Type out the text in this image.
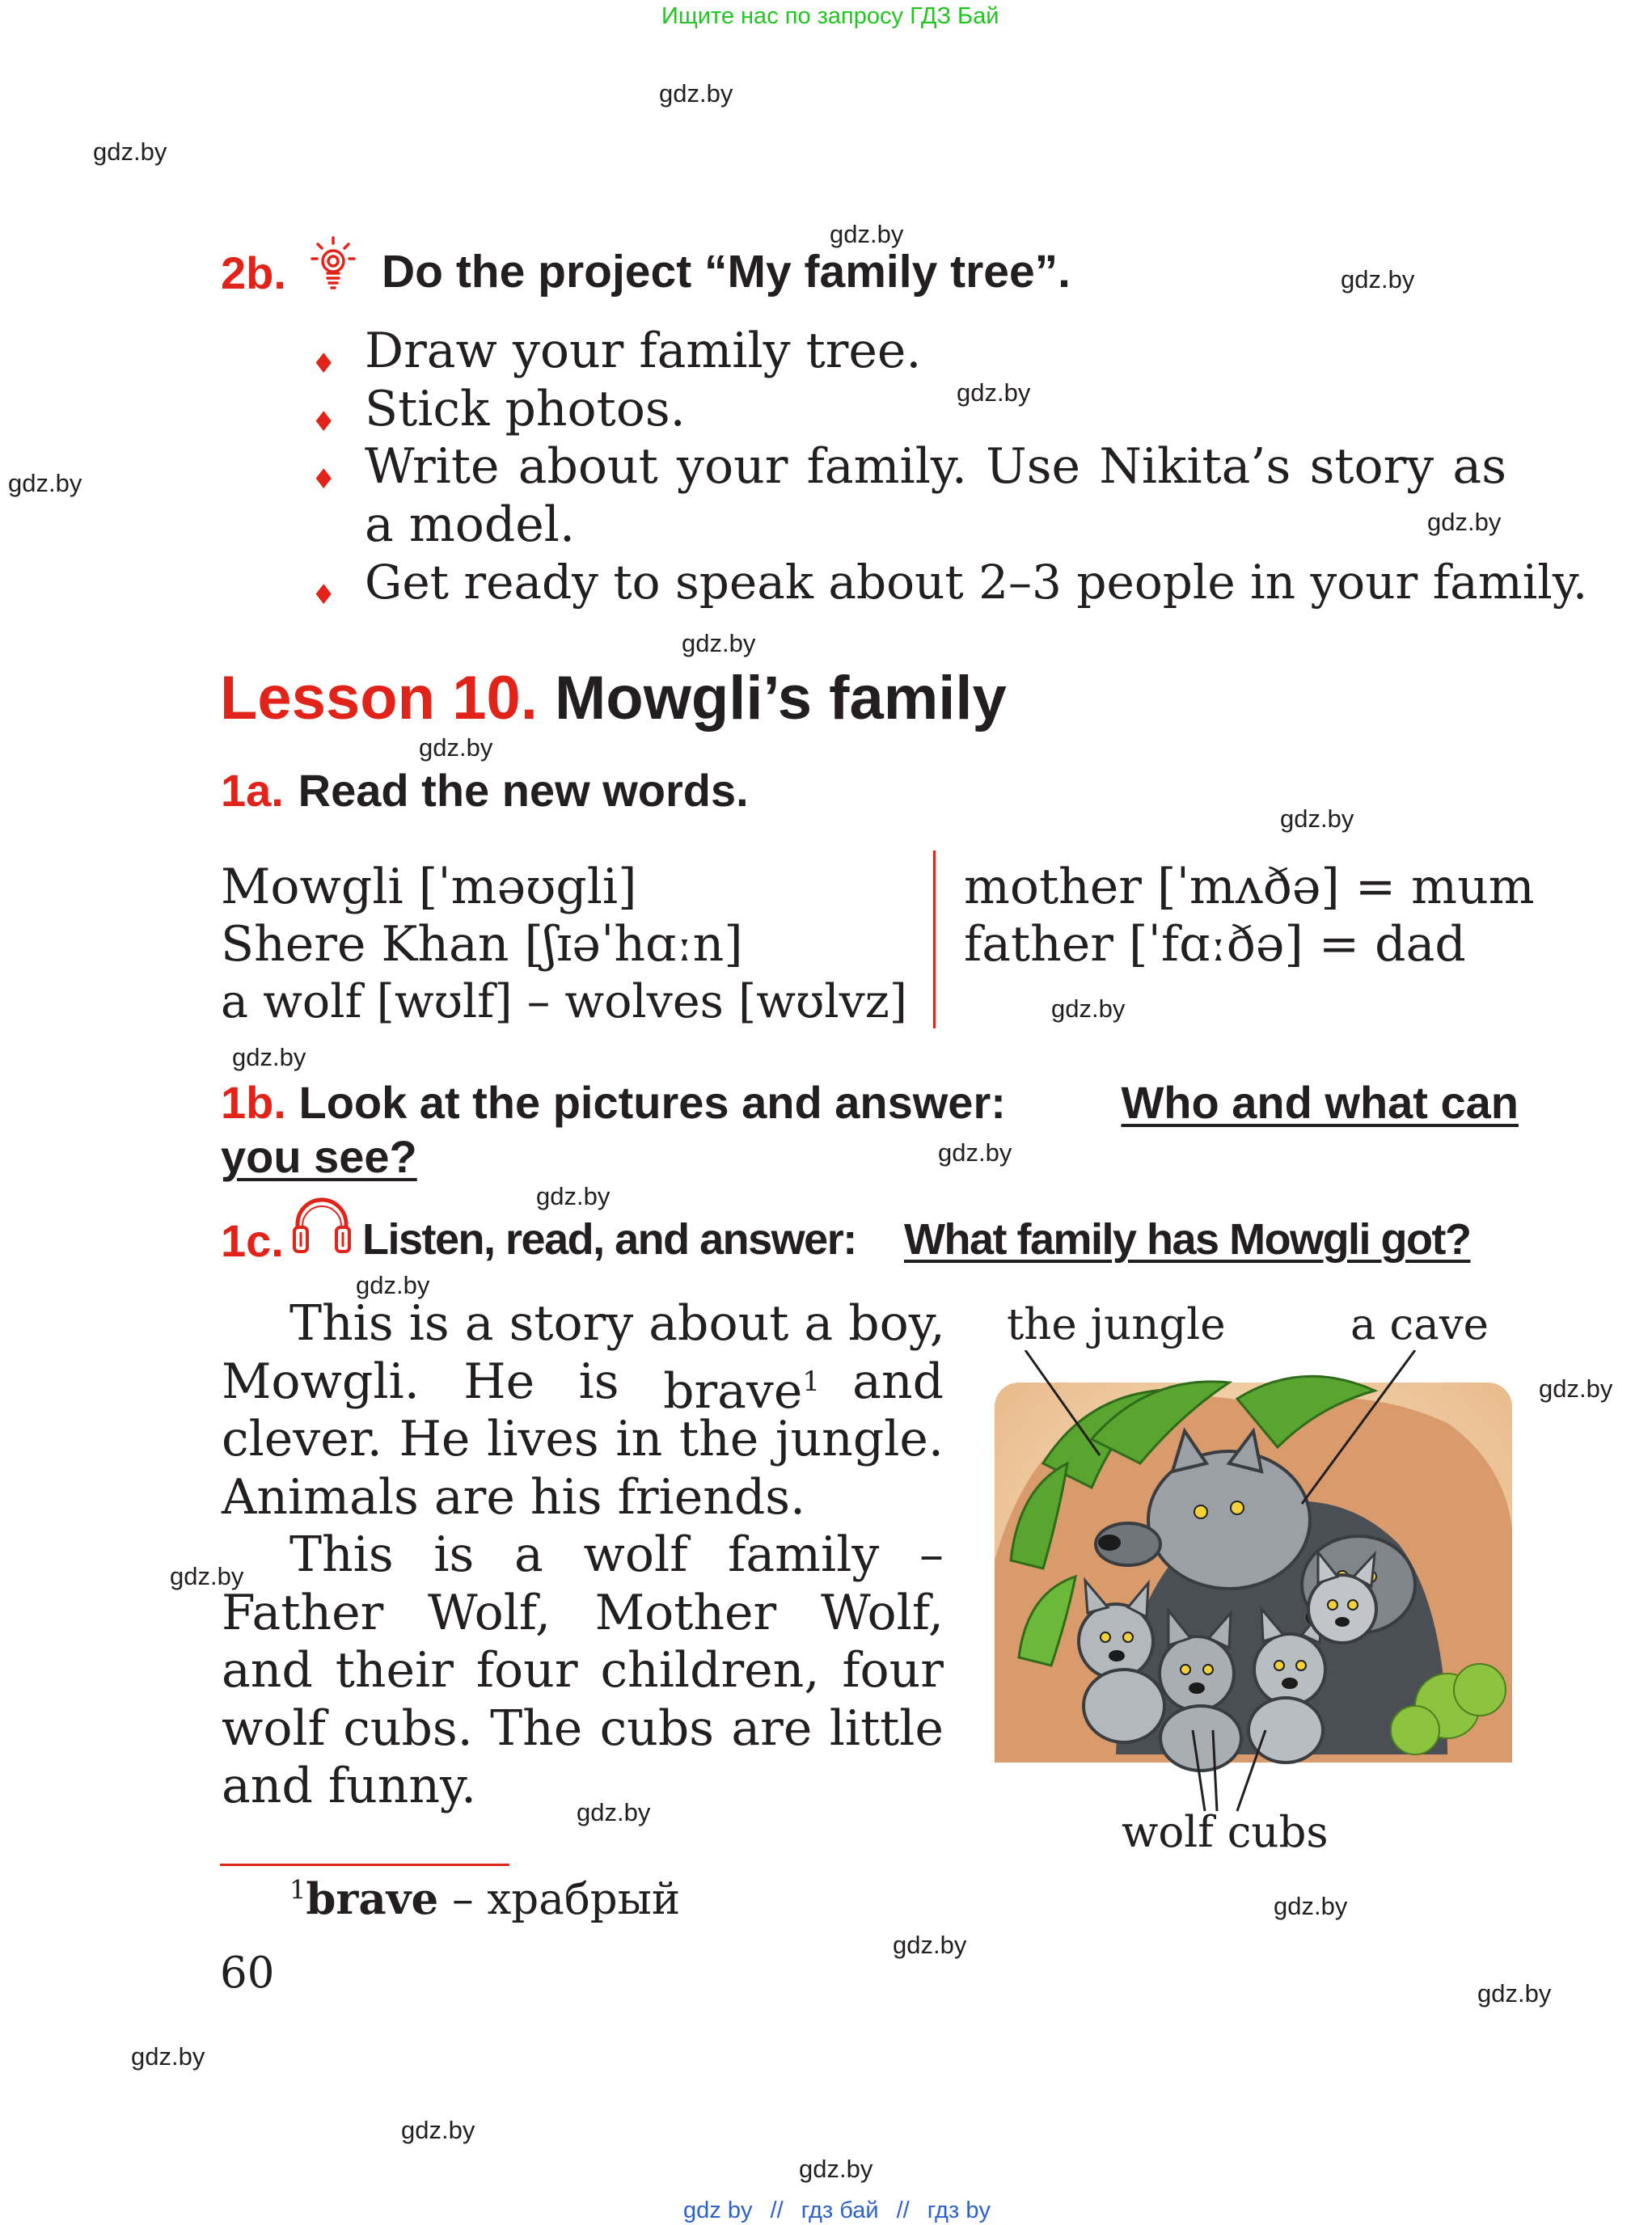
Ищите нас по запросу ГДЗ Бай
gdz.by
gdz.by
gdz.by
gdz.by
gdz.by
gdz.by
gdz.by
gdz.by
gdz.by
gdz.by
gdz.by
gdz.by
gdz.by
gdz.by
gdz.by
gdz.by
gdz.by
gdz.by
gdz.by
gdz.by
gdz.by
gdz.by
gdz.by
gdz.by
2b. Do the project “My family tree”.
♦ Draw your family tree.
♦ Stick photos.
♦ Write about your family. Use Nikita’s story as
a model.
♦ Get ready to speak about 2–3 people in your family.
Lesson 10. Mowgli’s family
1a. Read the new words.
Mowgli [ˈməʊgli]
Shere Khan [ʃɪəˈhɑːn]
a wolf [wʊlf] – wolves [wʊlvz]
mother [ˈmʌðə] = mum
father [ˈfɑːðə] = dad
1b. Look at the pictures and answer:	Who and what can
you see?
1c. Listen, read, and answer: What family has Mowgli got?
This is a story about a boy,
Mowgli. He is brave$^1$ and
clever. He lives in the jungle.
Animals are his friends.
This is a wolf family –
Father Wolf, Mother Wolf,
and their four children, four
wolf cubs. The cubs are little
and funny.
the jungle	a cave
wolf cubs
$^1$brave – храбрый
60
gdz by // гдз бай // гдз by
